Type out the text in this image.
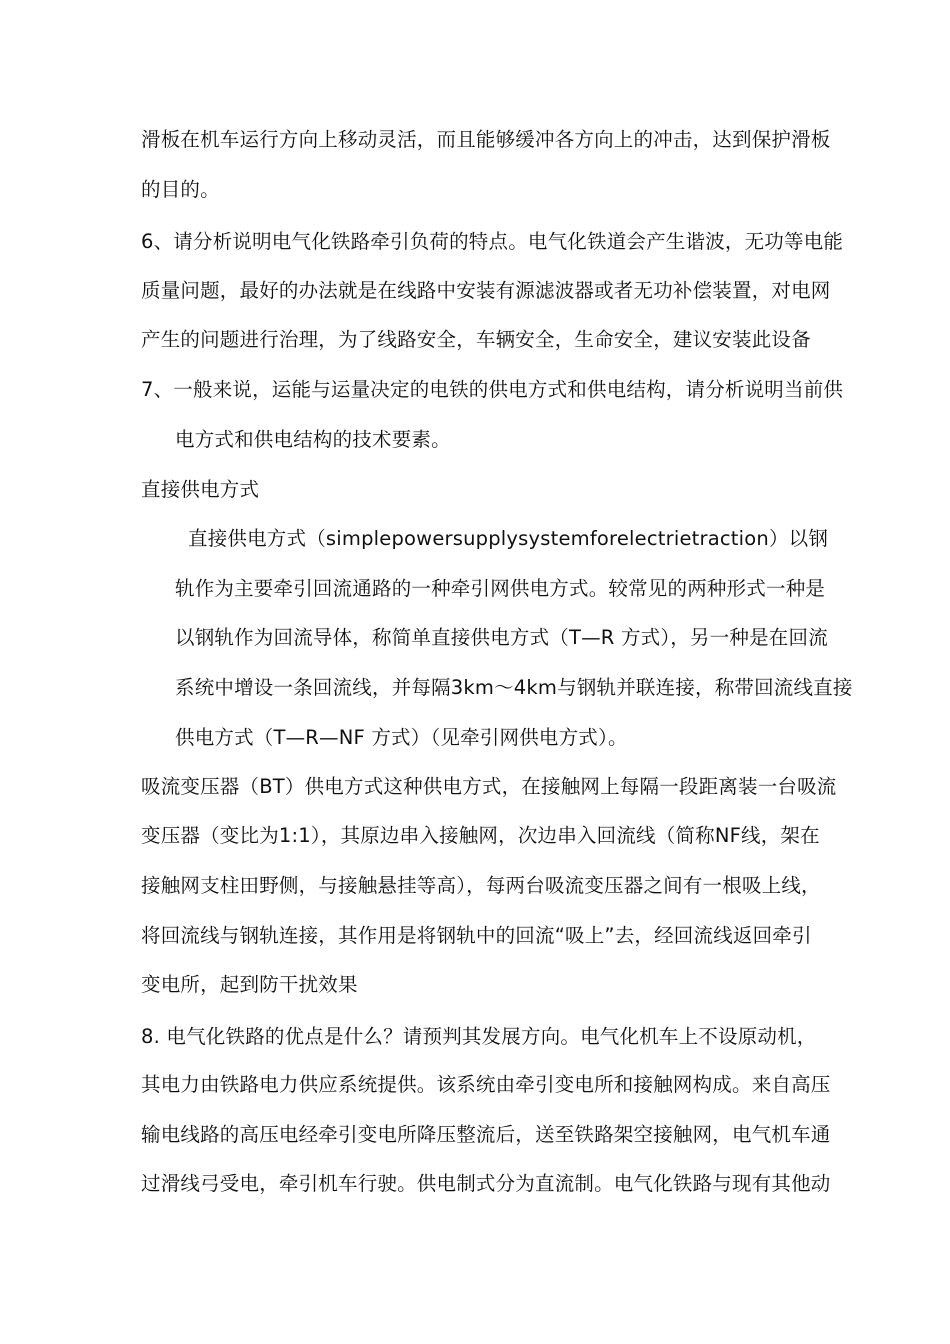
滑板在机车运行方向上移动灵活，而且能够缓冲各方向上的冲击，达到保护滑板
的目的。
6、请分析说明电气化铁路牵引负荷的特点。电气化铁道会产生谐波，无功等电能
质量问题，最好的办法就是在线路中安装有源滤波器或者无功补偿装置，对电网
产生的问题进行治理，为了线路安全，车辆安全，生命安全，建议安装此设备
7、一般来说，运能与运量决定的电铁的供电方式和供电结构，请分析说明当前供
电方式和供电结构的技术要素。
直接供电方式
直接供电方式（simplepowersupplysystemforelectrietraction）以钢
轨作为主要牵引回流通路的一种牵引网供电方式。较常见的两种形式一种是
以钢轨作为回流导体，称简单直接供电方式（T—R 方式），另一种是在回流
系统中增设一条回流线，并每隔3km〜4km与钢轨并联连接，称带回流线直接
供电方式（T—R—NF 方式）（见牵引网供电方式）。
吸流变压器（BT）供电方式这种供电方式，在接触网上每隔一段距离装一台吸流
变压器（变比为1:1），其原边串入接触网，次边串入回流线（简称NF线，架在
接触网支柱田野侧，与接触悬挂等高），每两台吸流变压器之间有一根吸上线，
将回流线与钢轨连接，其作用是将钢轨中的回流“吸上”去，经回流线返回牵引
变电所，起到防干扰效果
8. 电气化铁路的优点是什么？请预判其发展方向。电气化机车上不设原动机，
其电力由铁路电力供应系统提供。该系统由牵引变电所和接触网构成。来自高压
输电线路的高压电经牵引变电所降压整流后，送至铁路架空接触网，电气机车通
过滑线弓受电，牵引机车行驶。供电制式分为直流制。电气化铁路与现有其他动
